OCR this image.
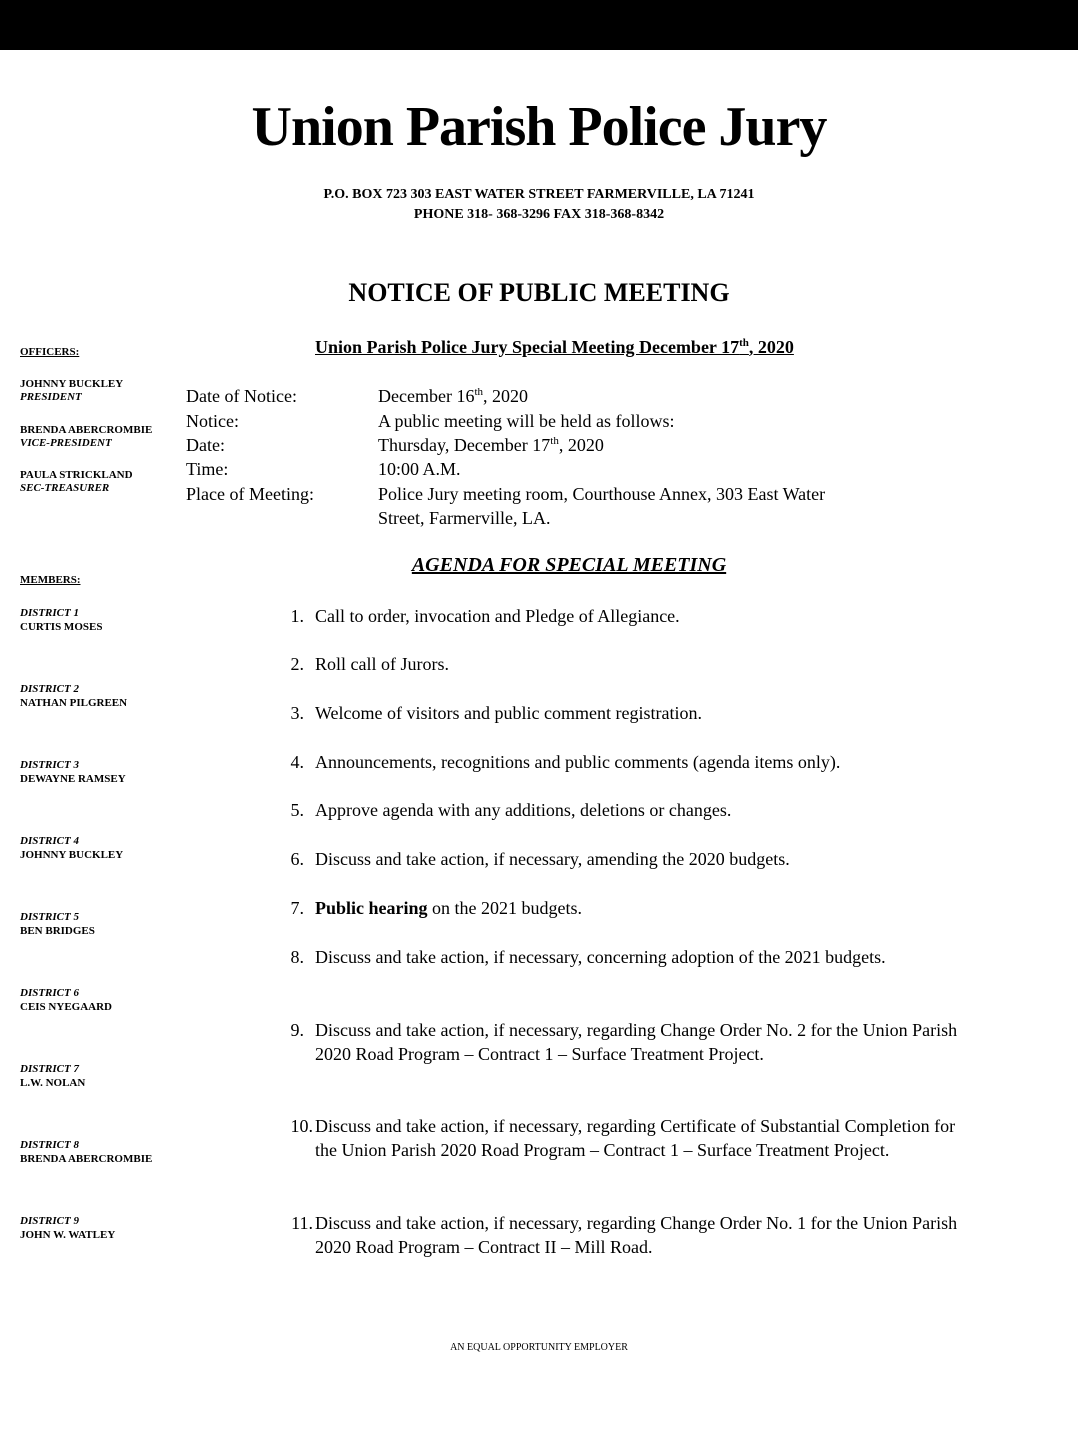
Union Parish Police Jury
P.O. BOX 723 303 EAST WATER STREET FARMERVILLE, LA 71241
PHONE 318- 368-3296 FAX 318-368-8342
NOTICE OF PUBLIC MEETING
Union Parish Police Jury Special Meeting December 17th, 2020
OFFICERS:
JOHNNY BUCKLEY
PRESIDENT
BRENDA ABERCROMBIE
VICE-PRESIDENT
PAULA STRICKLAND
SEC-TREASURER
MEMBERS:
DISTRICT 1
CURTIS MOSES
DISTRICT 2
NATHAN PILGREEN
DISTRICT 3
DEWAYNE RAMSEY
DISTRICT 4
JOHNNY BUCKLEY
DISTRICT 5
BEN BRIDGES
DISTRICT 6
CEIS NYEGAARD
DISTRICT 7
L.W. NOLAN
DISTRICT 8
BRENDA ABERCROMBIE
DISTRICT 9
JOHN W. WATLEY
Date of Notice:	December 16th, 2020
Notice:	A public meeting will be held as follows:
Date:	Thursday, December 17th, 2020
Time:	10:00 A.M.
Place of Meeting:	Police Jury meeting room, Courthouse Annex, 303 East Water
Street, Farmerville, LA.
AGENDA FOR SPECIAL MEETING
1. Call to order, invocation and Pledge of Allegiance.
2. Roll call of Jurors.
3. Welcome of visitors and public comment registration.
4. Announcements, recognitions and public comments (agenda items only).
5. Approve agenda with any additions, deletions or changes.
6. Discuss and take action, if necessary, amending the 2020 budgets.
7. Public hearing on the 2021 budgets.
8. Discuss and take action, if necessary, concerning adoption of the 2021 budgets.
9. Discuss and take action, if necessary, regarding Change Order No. 2 for the Union Parish 2020 Road Program – Contract 1 – Surface Treatment Project.
10. Discuss and take action, if necessary, regarding Certificate of Substantial Completion for the Union Parish 2020 Road Program – Contract 1 – Surface Treatment Project.
11. Discuss and take action, if necessary, regarding Change Order No. 1 for the Union Parish 2020 Road Program – Contract II – Mill Road.
AN EQUAL OPPORTUNITY EMPLOYER
